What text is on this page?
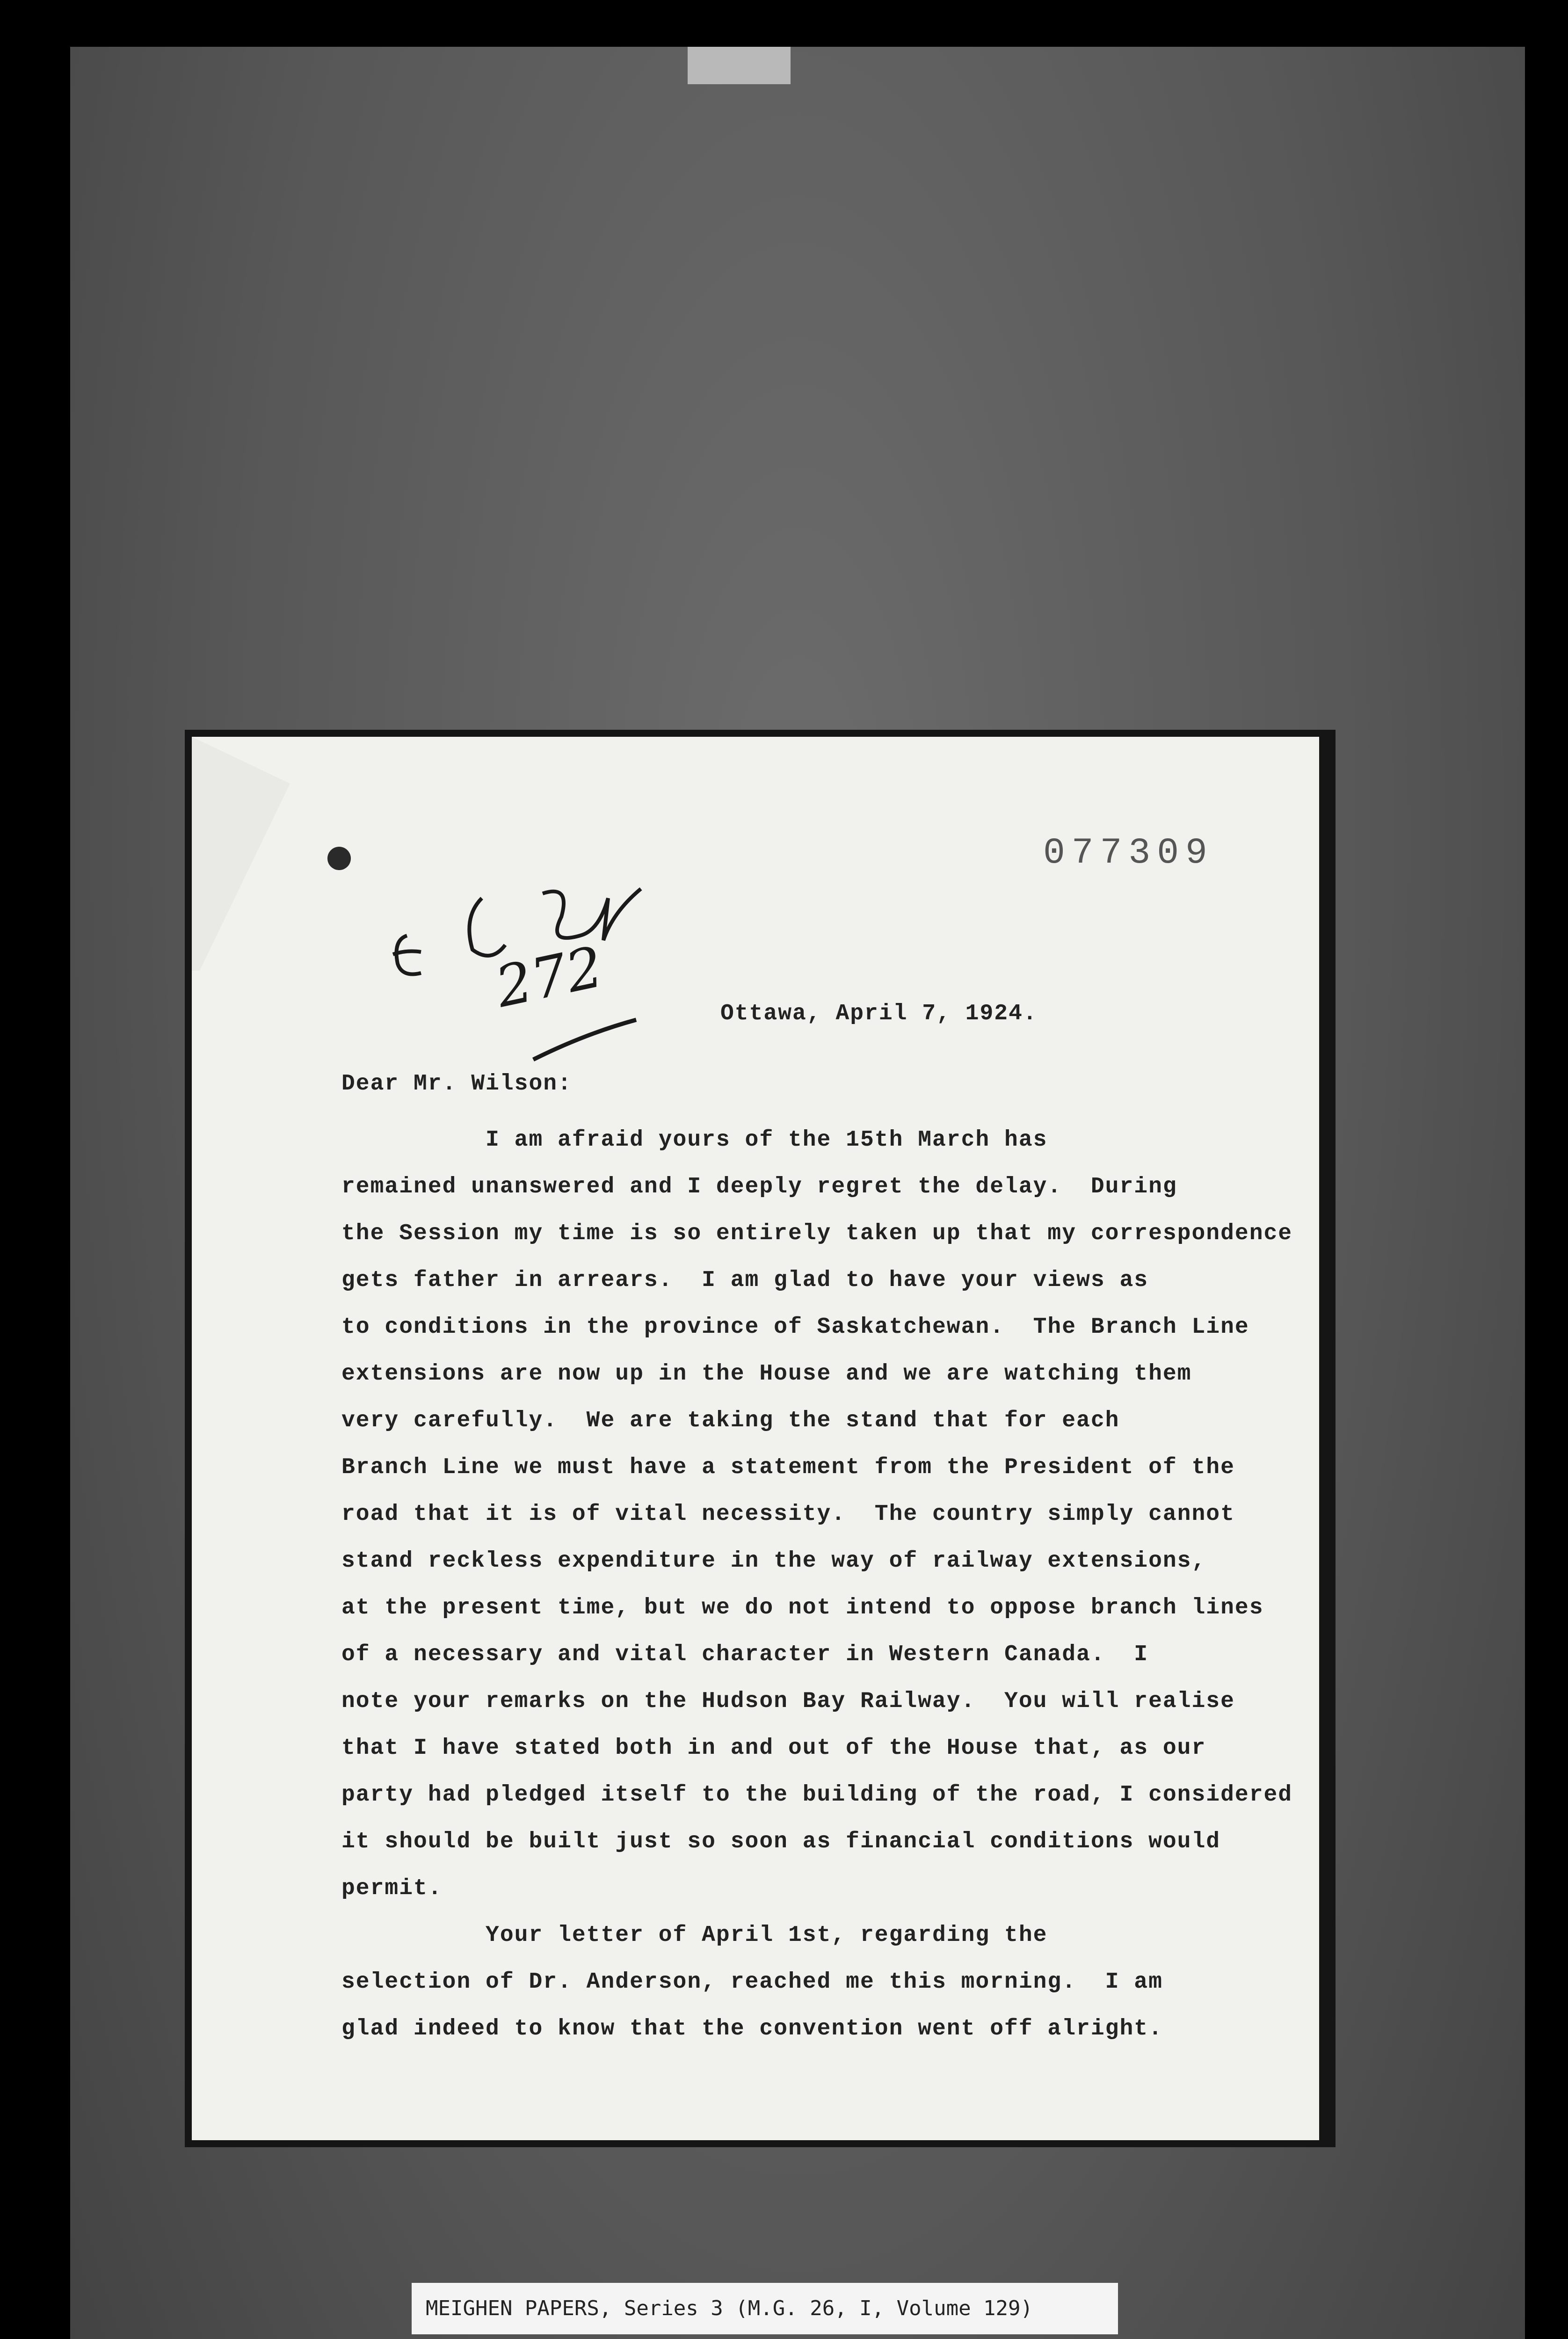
077309
272	Ottawa, April 7, 1924.
Dear Mr. Wilson:
I am afraid yours of the 15th March has
remained unanswered and I deeply regret the delay.  During
the Session my time is so entirely taken up that my correspondence
gets father in arrears.  I am glad to have your views as
to conditions in the province of Saskatchewan.  The Branch Line
extensions are now up in the House and we are watching them
very carefully.  We are taking the stand that for each
Branch Line we must have a statement from the President of the
road that it is of vital necessity.  The country simply cannot
stand reckless expenditure in the way of railway extensions,
at the present time, but we do not intend to oppose branch lines
of a necessary and vital character in Western Canada.  I
note your remarks on the Hudson Bay Railway.  You will realise
that I have stated both in and out of the House that, as our
party had pledged itself to the building of the road, I considered
it should be built just so soon as financial conditions would
permit.
Your letter of April 1st, regarding the
selection of Dr. Anderson, reached me this morning.  I am
glad indeed to know that the convention went off alright.
MEIGHEN PAPERS, Series 3 (M.G. 26, I, Volume 129)
